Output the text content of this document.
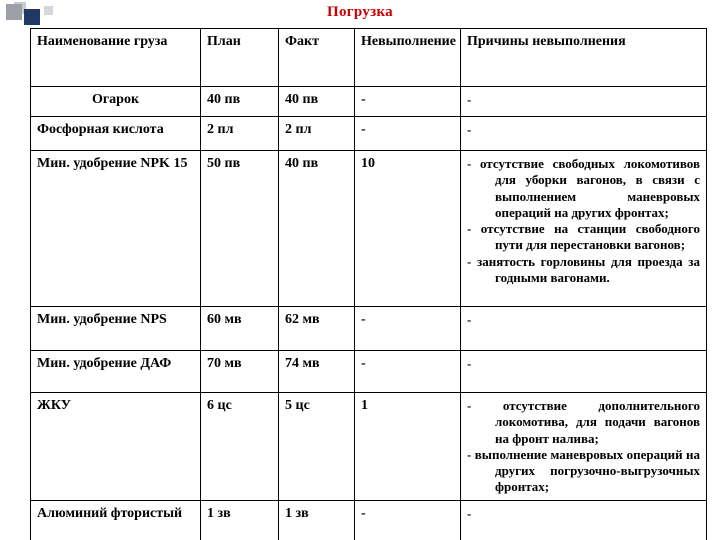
Погрузка
Наименование груза	План	Факт	Невыполнение	Причины невыполнения
Огарок	40 пв	40 пв	-	-

Фосфорная кислота	2 пл	2 пл	-	-

Мин. удобрение NPK 15	50 пв	40 пв	10	- отсутствие свободных локомотивов для уборки вагонов, в связи с выполнением маневровых операций на других фронтах;
- отсутствие на станции свободного пути для перестановки вагонов;
- занятость горловины для проезда за годными вагонами.

Мин. удобрение NPS	60 мв	62 мв	-	-

Мин. удобрение ДАФ	70 мв	74 мв	-	-

ЖКУ	6 цс	5 цс	1	- отсутствие дополнительного локомотива, для подачи вагонов на фронт налива;
- выполнение маневровых операций на других погрузочно-выгрузочных фронтах;

Алюминий фтористый	1 зв	1 зв	-	-
